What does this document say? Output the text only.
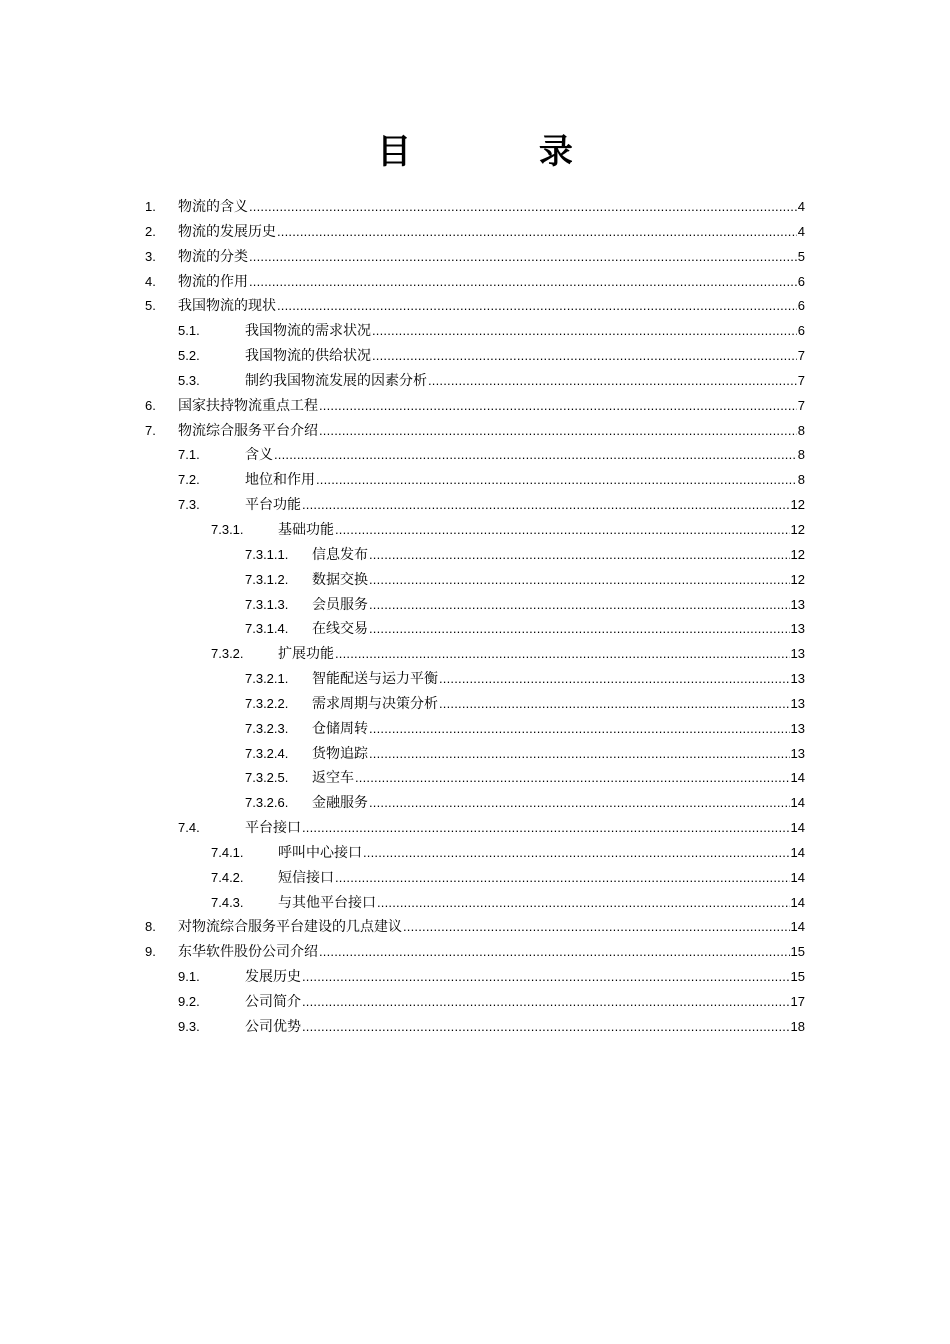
目 录
1. 物流的含义 .....	4
2. 物流的发展历史 .....	4
3. 物流的分类 .....	5
4. 物流的作用 .....	6
5. 我国物流的现状 .....	6
5.1.	我国物流的需求状况 .....	6
5.2.	我国物流的供给状况 .....	7
5.3.	制约我国物流发展的因素分析 .....	7
6. 国家扶持物流重点工程 .....	7
7. 物流综合服务平台介绍 .....	8
7.1.	含义 .....	8
7.2.	地位和作用 .....	8
7.3.	平台功能 .....	12
7.3.1. 基础功能 .....	12
7.3.1.1. 信息发布 .....	12
7.3.1.2. 数据交换 .....	12
7.3.1.3. 会员服务 .....	13
7.3.1.4. 在线交易 .....	13
7.3.2. 扩展功能 .....	13
7.3.2.1. 智能配送与运力平衡 .....	13
7.3.2.2. 需求周期与决策分析 .....	13
7.3.2.3. 仓储周转 .....	13
7.3.2.4. 货物追踪 .....	13
7.3.2.5. 返空车 .....	14
7.3.2.6. 金融服务 .....	14
7.4.	平台接口 .....	14
7.4.1. 呼叫中心接口 .....	14
7.4.2. 短信接口 .....	14
7.4.3. 与其他平台接口 .....	14
8. 对物流综合服务平台建设的几点建议 .....	14
9. 东华软件股份公司介绍 .....	15
9.1.	发展历史 .....	15
9.2.	公司简介 .....	17
9.3.	公司优势 .....	18
